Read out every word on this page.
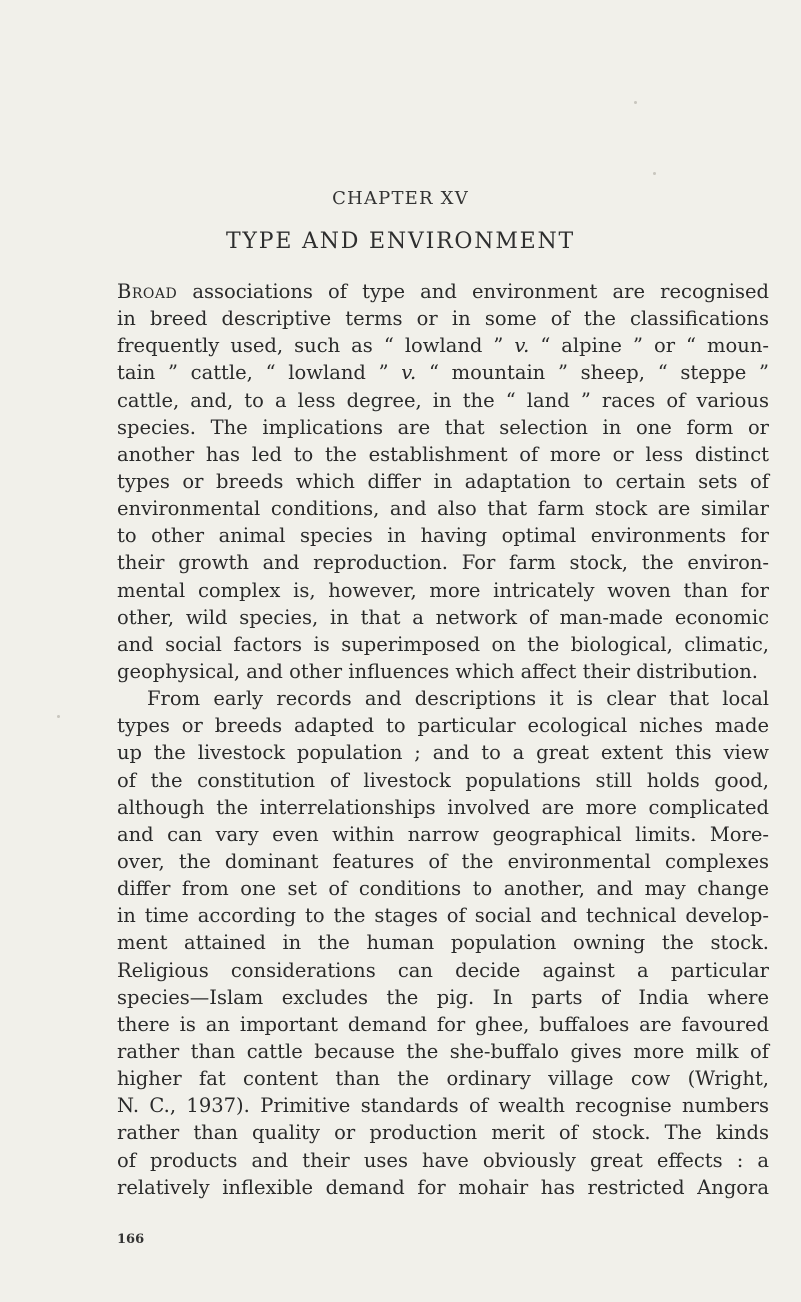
CHAPTER XV
TYPE AND ENVIRONMENT
Broad associations of type and environment are recognised
in breed descriptive terms or in some of the classifications
frequently used, such as “ lowland ” v. “ alpine ” or “ moun-
tain ” cattle, “ lowland ” v. “ mountain ” sheep, “ steppe ”
cattle, and, to a less degree, in the “ land ” races of various
species. The implications are that selection in one form or
another has led to the establishment of more or less distinct
types or breeds which differ in adaptation to certain sets of
environmental conditions, and also that farm stock are similar
to other animal species in having optimal environments for
their growth and reproduction. For farm stock, the environ-
mental complex is, however, more intricately woven than for
other, wild species, in that a network of man-made economic
and social factors is superimposed on the biological, climatic,
geophysical, and other influences which affect their distribution.
From early records and descriptions it is clear that local
types or breeds adapted to particular ecological niches made
up the livestock population ; and to a great extent this view
of the constitution of livestock populations still holds good,
although the interrelationships involved are more complicated
and can vary even within narrow geographical limits. More-
over, the dominant features of the environmental complexes
differ from one set of conditions to another, and may change
in time according to the stages of social and technical develop-
ment attained in the human population owning the stock.
Religious considerations can decide against a particular
species—Islam excludes the pig. In parts of India where
there is an important demand for ghee, buffaloes are favoured
rather than cattle because the she-buffalo gives more milk of
higher fat content than the ordinary village cow (Wright,
N. C., 1937). Primitive standards of wealth recognise numbers
rather than quality or production merit of stock. The kinds
of products and their uses have obviously great effects : a
relatively inflexible demand for mohair has restricted Angora
166
